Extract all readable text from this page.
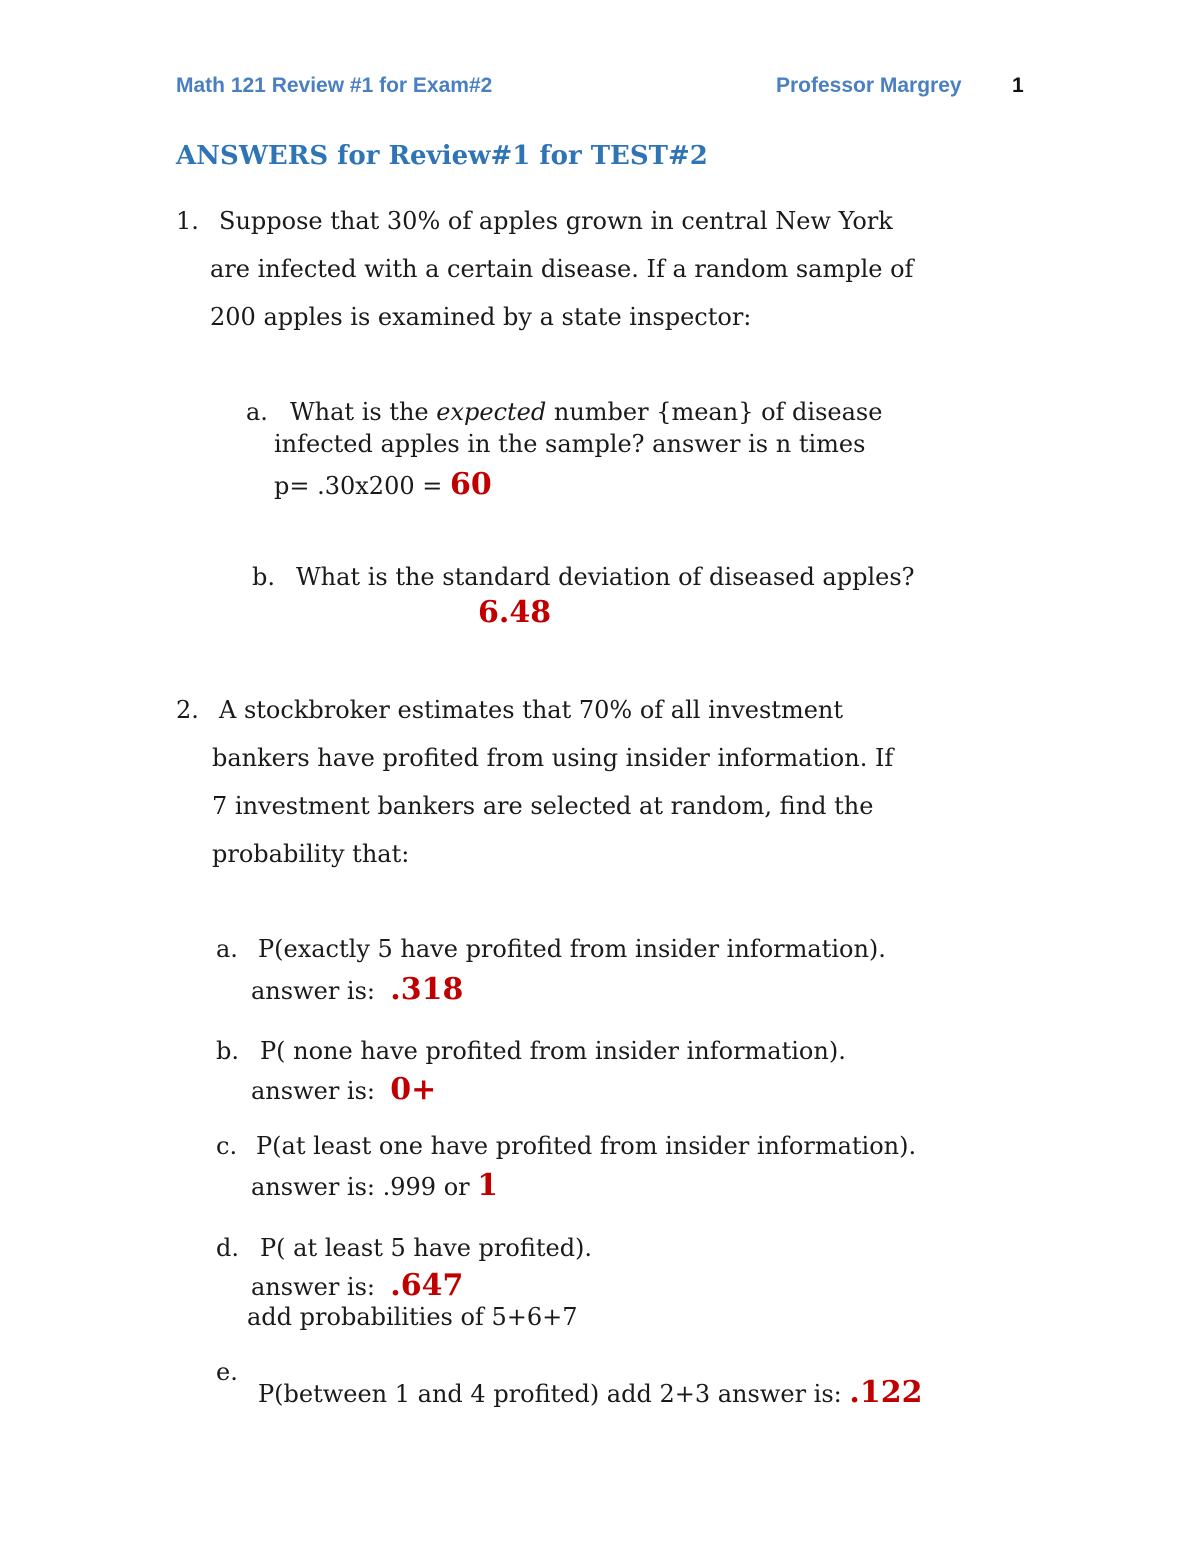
Math 121 Review #1 for Exam#2	Professor Margrey 1
ANSWERS for Review#1 for TEST#2
1. Suppose that 30% of apples grown in central New York
are infected with a certain disease. If a random sample of
200 apples is examined by a state inspector:
a. What is the expected number {mean} of disease
infected apples in the sample? answer is n times
p= .30x200 = 60
b. What is the standard deviation of diseased apples?
6.48
2. A stockbroker estimates that 70% of all investment
bankers have profited from using insider information. If
7 investment bankers are selected at random, find the
probability that:
a. P(exactly 5 have profited from insider information).
answer is: .318
b. P( none have profited from insider information).
answer is: 0+
c. P(at least one have profited from insider information).
answer is: .999 or 1
d. P( at least 5 have profited).
answer is: .647
add probabilities of 5+6+7
e.
P(between 1 and 4 profited) add 2+3 answer is: .122
